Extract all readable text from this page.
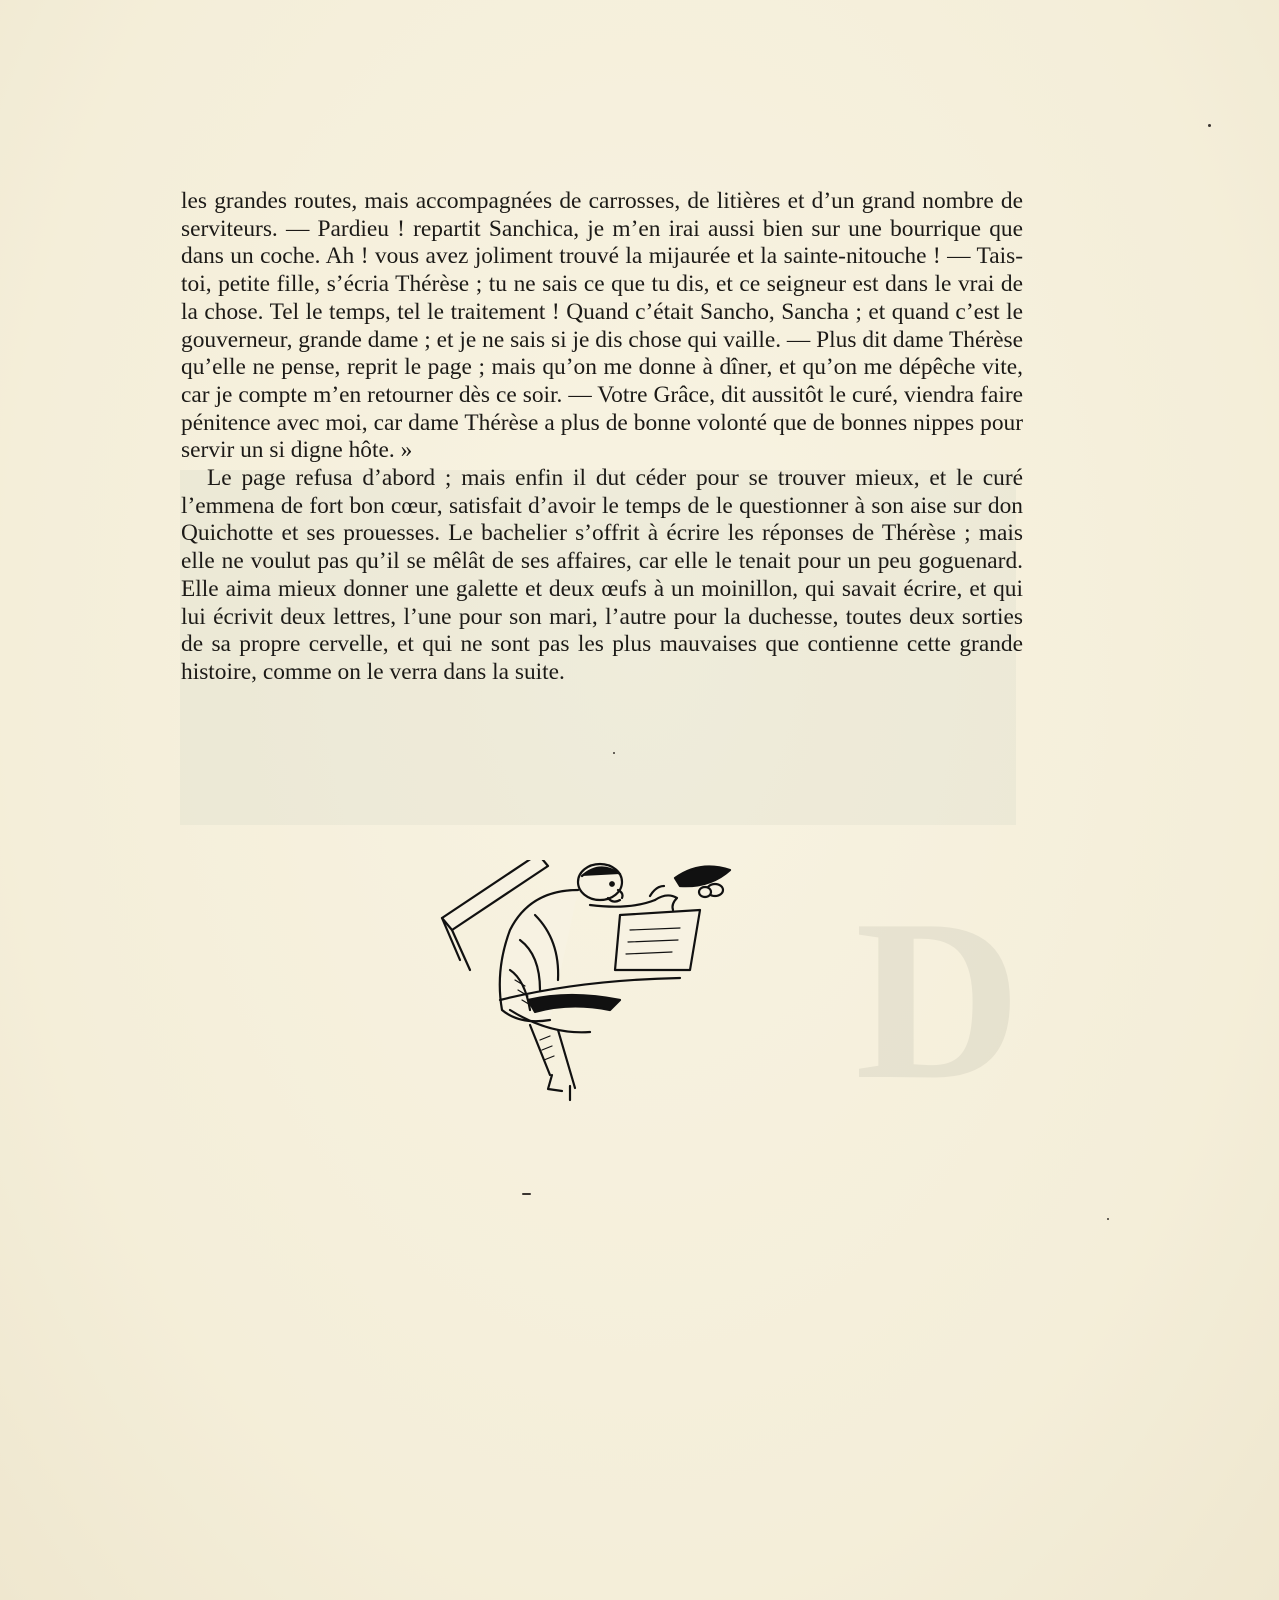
D

les grandes routes, mais accompagnées de carrosses, de litières et d’un grand nombre de serviteurs. — Pardieu ! repartit Sanchica, je m’en irai aussi bien sur une bourrique que dans un coche. Ah ! vous avez joliment trouvé la mijaurée et la sainte-nitouche ! — Tais-toi, petite fille, s’écria Thérèse ; tu ne sais ce que tu dis, et ce seigneur est dans le vrai de la chose. Tel le temps, tel le traitement ! Quand c’était Sancho, Sancha ; et quand c’est le gouverneur, grande dame ; et je ne sais si je dis chose qui vaille. — Plus dit dame Thérèse qu’elle ne pense, reprit le page ; mais qu’on me donne à dîner, et qu’on me dépêche vite, car je compte m’en retourner dès ce soir. — Votre Grâce, dit aussitôt le curé, viendra faire pénitence avec moi, car dame Thérèse a plus de bonne volonté que de bonnes nippes pour servir un si digne hôte. »

Le page refusa d’abord ; mais enfin il dut céder pour se trouver mieux, et le curé l’emmena de fort bon cœur, satisfait d’avoir le temps de le questionner à son aise sur don Quichotte et ses prouesses. Le bachelier s’offrit à écrire les réponses de Thérèse ; mais elle ne voulut pas qu’il se mêlât de ses affaires, car elle le tenait pour un peu goguenard. Elle aima mieux donner une galette et deux œufs à un moinillon, qui savait écrire, et qui lui écrivit deux lettres, l’une pour son mari, l’autre pour la duchesse, toutes deux sorties de sa propre cervelle, et qui ne sont pas les plus mauvaises que contienne cette grande histoire, comme on le verra dans la suite.
